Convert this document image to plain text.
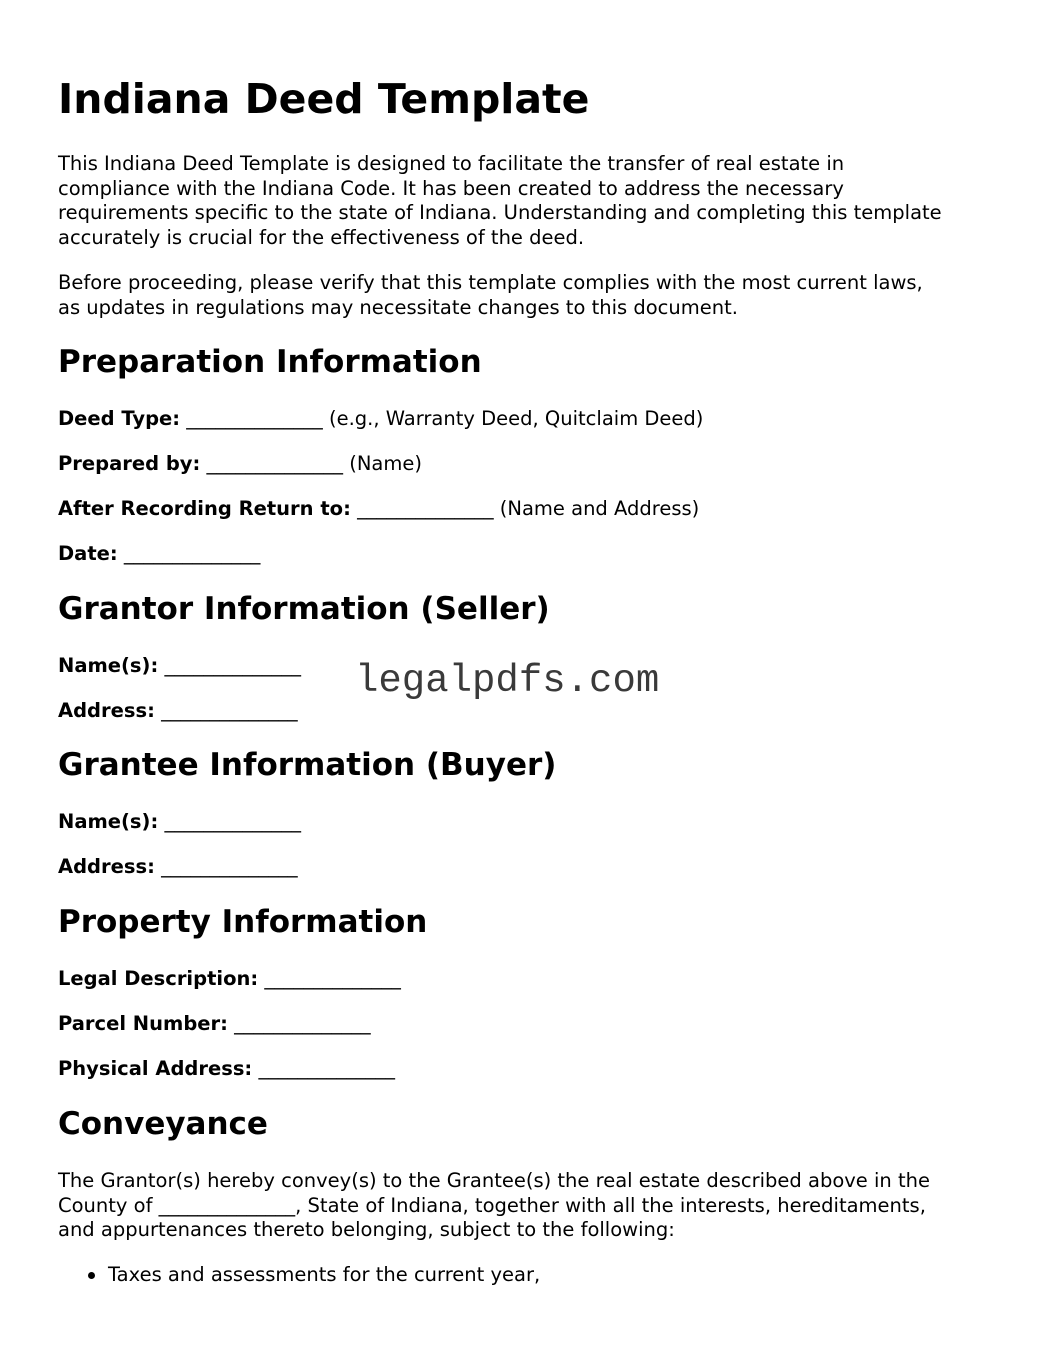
Indiana Deed Template

This Indiana Deed Template is designed to facilitate the transfer of real estate in
compliance with the Indiana Code. It has been created to address the necessary
requirements specific to the state of Indiana. Understanding and completing this template
accurately is crucial for the effectiveness of the deed.

Before proceeding, please verify that this template complies with the most current laws,
as updates in regulations may necessitate changes to this document.

Preparation Information

Deed Type: ______________ (e.g., Warranty Deed, Quitclaim Deed)

Prepared by: ______________ (Name)

After Recording Return to: ______________ (Name and Address)

Date: ______________

Grantor Information (Seller)

Name(s): ______________

Address: ______________

Grantee Information (Buyer)

Name(s): ______________

Address: ______________

Property Information

Legal Description: ______________

Parcel Number: ______________

Physical Address: ______________

Conveyance

The Grantor(s) hereby convey(s) to the Grantee(s) the real estate described above in the
County of ______________, State of Indiana, together with all the interests, hereditaments,
and appurtenances thereto belonging, subject to the following:

Taxes and assessments for the current year,
legalpdfs.com
